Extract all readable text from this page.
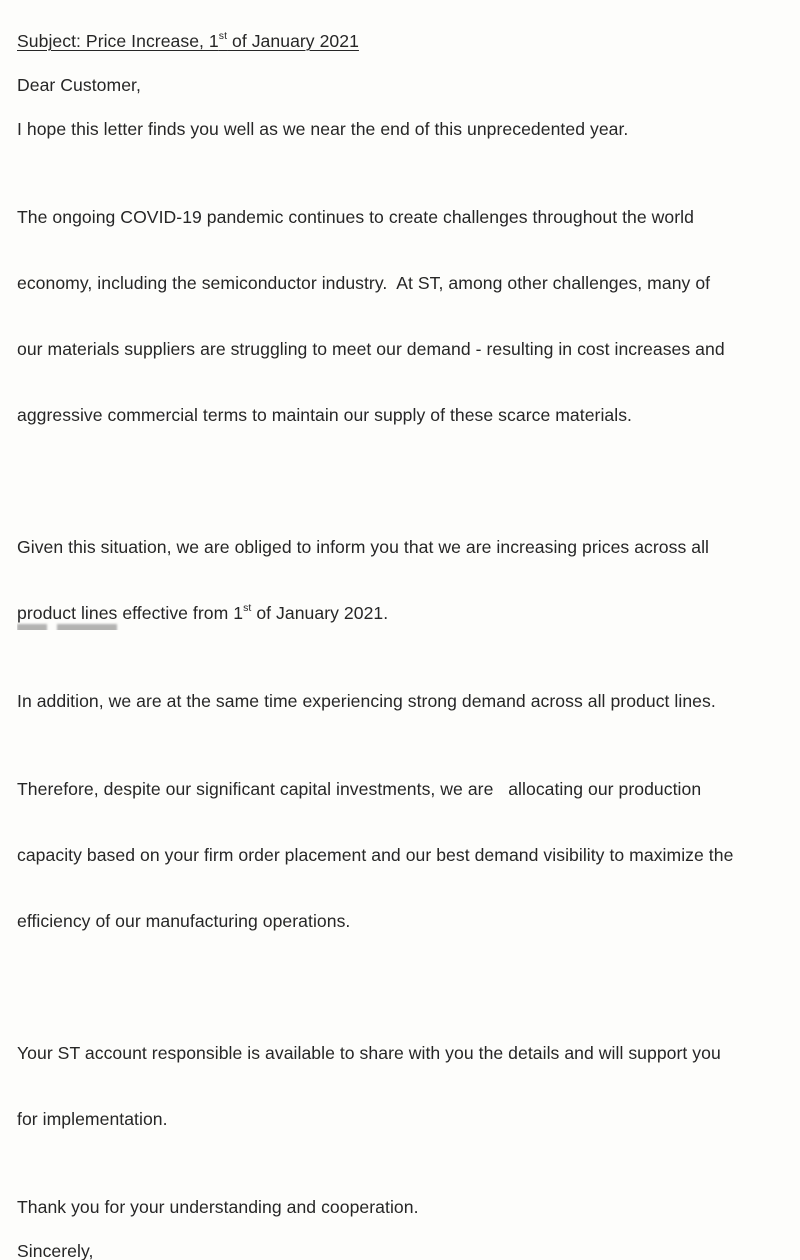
Subject: Price Increase, 1st of January 2021

Dear Customer,

I hope this letter finds you well as we near the end of this unprecedented year.

The ongoing COVID-19 pandemic continues to create challenges throughout the world

economy, including the semiconductor industry.  At ST, among other challenges, many of

our materials suppliers are struggling to meet our demand - resulting in cost increases and

aggressive commercial terms to maintain our supply of these scarce materials.

Given this situation, we are obliged to inform you that we are increasing prices across all

product lines effective from 1st of January 2021.

In addition, we are at the same time experiencing strong demand across all product lines.

Therefore, despite our significant capital investments, we are   allocating our production

capacity based on your firm order placement and our best demand visibility to maximize the

efficiency of our manufacturing operations.

Your ST account responsible is available to share with you the details and will support you

for implementation.

Thank you for your understanding and cooperation.

Sincerely,
